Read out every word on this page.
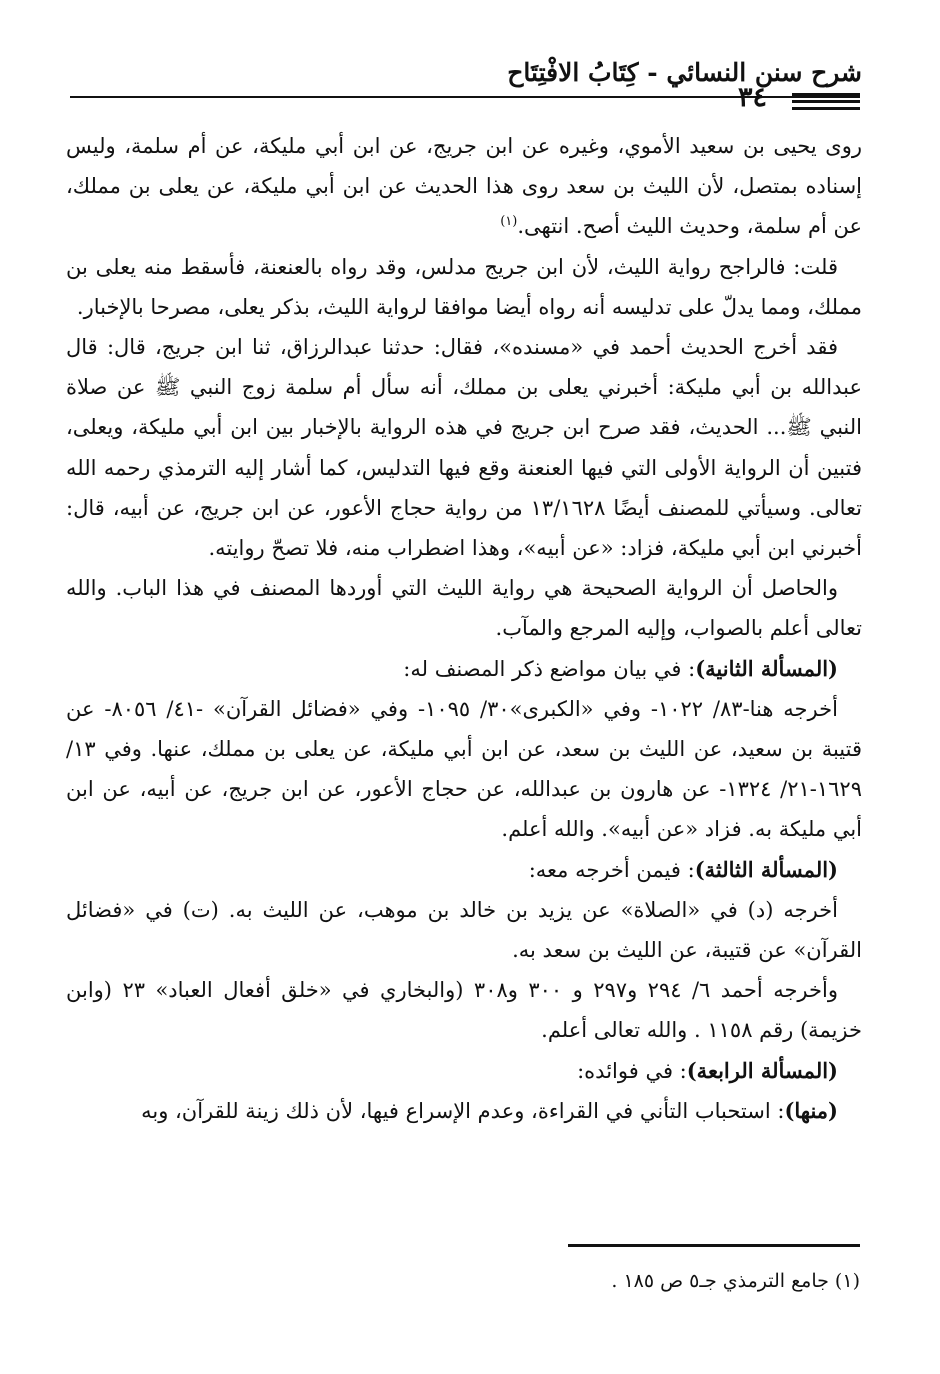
شرح سنن النسائي - كِتَابُ الافْتِتَاح
٣٤

روى يحيى بن سعيد الأموي، وغيره عن ابن جريج، عن ابن أبي مليكة، عن أم سلمة، وليس إسناده بمتصل، لأن الليث بن سعد روى هذا الحديث عن ابن أبي مليكة، عن يعلى بن مملك، عن أم سلمة، وحديث الليث أصح. انتهى.$^{(١)}$

قلت: فالراجح رواية الليث، لأن ابن جريج مدلس، وقد رواه بالعنعنة، فأسقط منه يعلى بن مملك، ومما يدلّ على تدليسه أنه رواه أيضا موافقا لرواية الليث، بذكر يعلى، مصرحا بالإخبار.

فقد أخرج الحديث أحمد في «مسنده»، فقال: حدثنا عبدالرزاق، ثنا ابن جريج، قال: قال عبدالله بن أبي مليكة: أخبرني يعلى بن مملك، أنه سأل أم سلمة زوج النبي ﷺ عن صلاة النبي ﷺ... الحديث، فقد صرح ابن جريج في هذه الرواية بالإخبار بين ابن أبي مليكة، ويعلى، فتبين أن الرواية الأولى التي فيها العنعنة وقع فيها التدليس، كما أشار إليه الترمذي رحمه الله تعالى. وسيأتي للمصنف أيضًا ١٣/١٦٢٨ من رواية حجاج الأعور، عن ابن جريج، عن أبيه، قال: أخبرني ابن أبي مليكة، فزاد: «عن أبيه»، وهذا اضطراب منه، فلا تصحّ روايته.

والحاصل أن الرواية الصحيحة هي رواية الليث التي أوردها المصنف في هذا الباب. والله تعالى أعلم بالصواب، وإليه المرجع والمآب.

(المسألة الثانية): في بيان مواضع ذكر المصنف له:

أخرجه هنا-٨٣/ ١٠٢٢- وفي «الكبرى»٣٠/ ١٠٩٥- وفي «فضائل القرآن» -٤١/ ٨٠٥٦- عن قتيبة بن سعيد، عن الليث بن سعد، عن ابن أبي مليكة، عن يعلى بن مملك، عنها. وفي ١٣/ ١٦٢٩-٢١/ ١٣٢٤- عن هارون بن عبدالله، عن حجاج الأعور، عن ابن جريج، عن أبيه، عن ابن أبي مليكة به. فزاد «عن أبيه». والله أعلم.

(المسألة الثالثة): فيمن أخرجه معه:

أخرجه (د) في «الصلاة» عن يزيد بن خالد بن موهب، عن الليث به. (ت) في «فضائل القرآن» عن قتيبة، عن الليث بن سعد به.

وأخرجه أحمد ٦/ ٢٩٤ و٢٩٧ و ٣٠٠ و٣٠٨ (والبخاري في «خلق أفعال العباد» ٢٣ (وابن خزيمة) رقم ١١٥٨ . والله تعالى أعلم.

(المسألة الرابعة): في فوائده:

(منها): استحباب التأني في القراءة، وعدم الإسراع فيها، لأن ذلك زينة للقرآن، وبه

(١) جامع الترمذي جـ٥ ص ١٨٥ .
